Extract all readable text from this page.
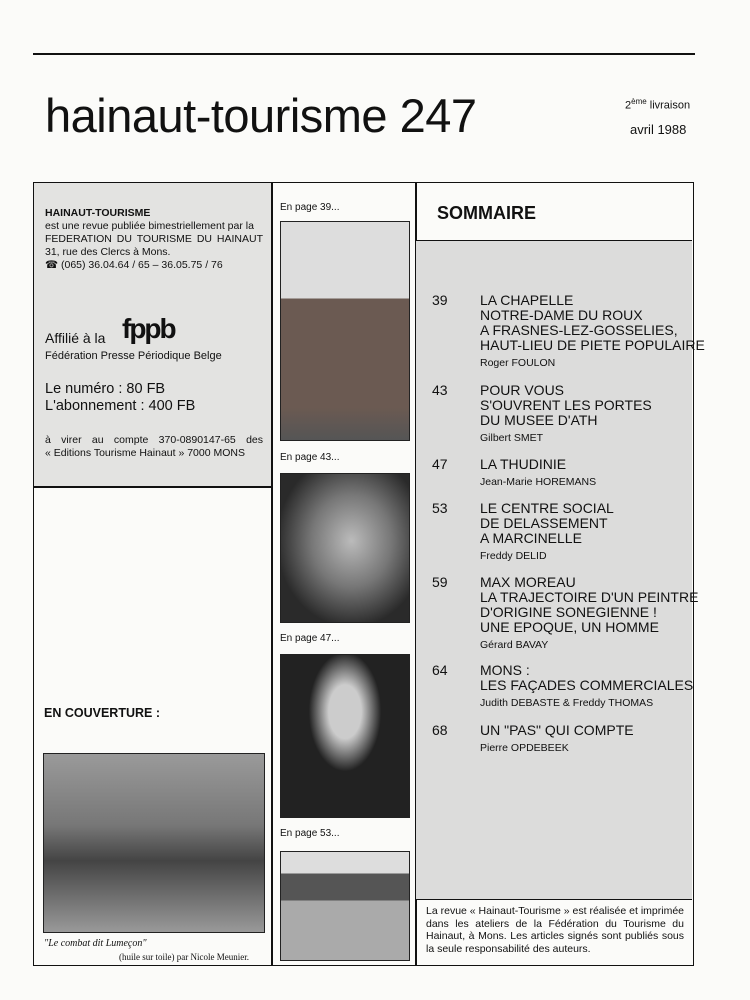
hainaut-tourisme 247	2ème livraison
avril 1988
HAINAUT-TOURISME
est une revue publiée bimestriellement par la
FEDERATION DU TOURISME DU HAINAUT
31, rue des Clercs à Mons.
☎ (065) 36.04.64 / 65 – 36.05.75 / 76
Affilié à la fppb
Fédération Presse Périodique Belge
Le numéro : 80 FB
L'abonnement : 400 FB
à virer au compte 370-0890147-65 des
« Editions Tourisme Hainaut » 7000 MONS
EN COUVERTURE :
"Le combat dit Lumeçon"
(huile sur toile) par Nicole Meunier.
En page 39...
En page 43...
En page 47...
En page 53...
SOMMAIRE
La revue « Hainaut-Tourisme » est réalisée et imprimée dans les ateliers de la Fédération du Tourisme du Hainaut, à Mons. Les articles signés sont publiés sous la seule responsabilité des auteurs.
39 LA CHAPELLE
NOTRE-DAME DU ROUX
A FRASNES-LEZ-GOSSELIES,
HAUT-LIEU DE PIETE POPULAIRE
Roger FOULON
43 POUR VOUS
S'OUVRENT LES PORTES
DU MUSEE D'ATH
Gilbert SMET
47 LA THUDINIE
Jean-Marie HOREMANS
53 LE CENTRE SOCIAL
DE DELASSEMENT
A MARCINELLE
Freddy DELID
59 MAX MOREAU
LA TRAJECTOIRE D'UN PEINTRE
D'ORIGINE SONEGIENNE !
UNE EPOQUE, UN HOMME
Gérard BAVAY
64 MONS :
LES FAÇADES COMMERCIALES
Judith DEBASTE & Freddy THOMAS
68 UN "PAS" QUI COMPTE
Pierre OPDEBEEK
